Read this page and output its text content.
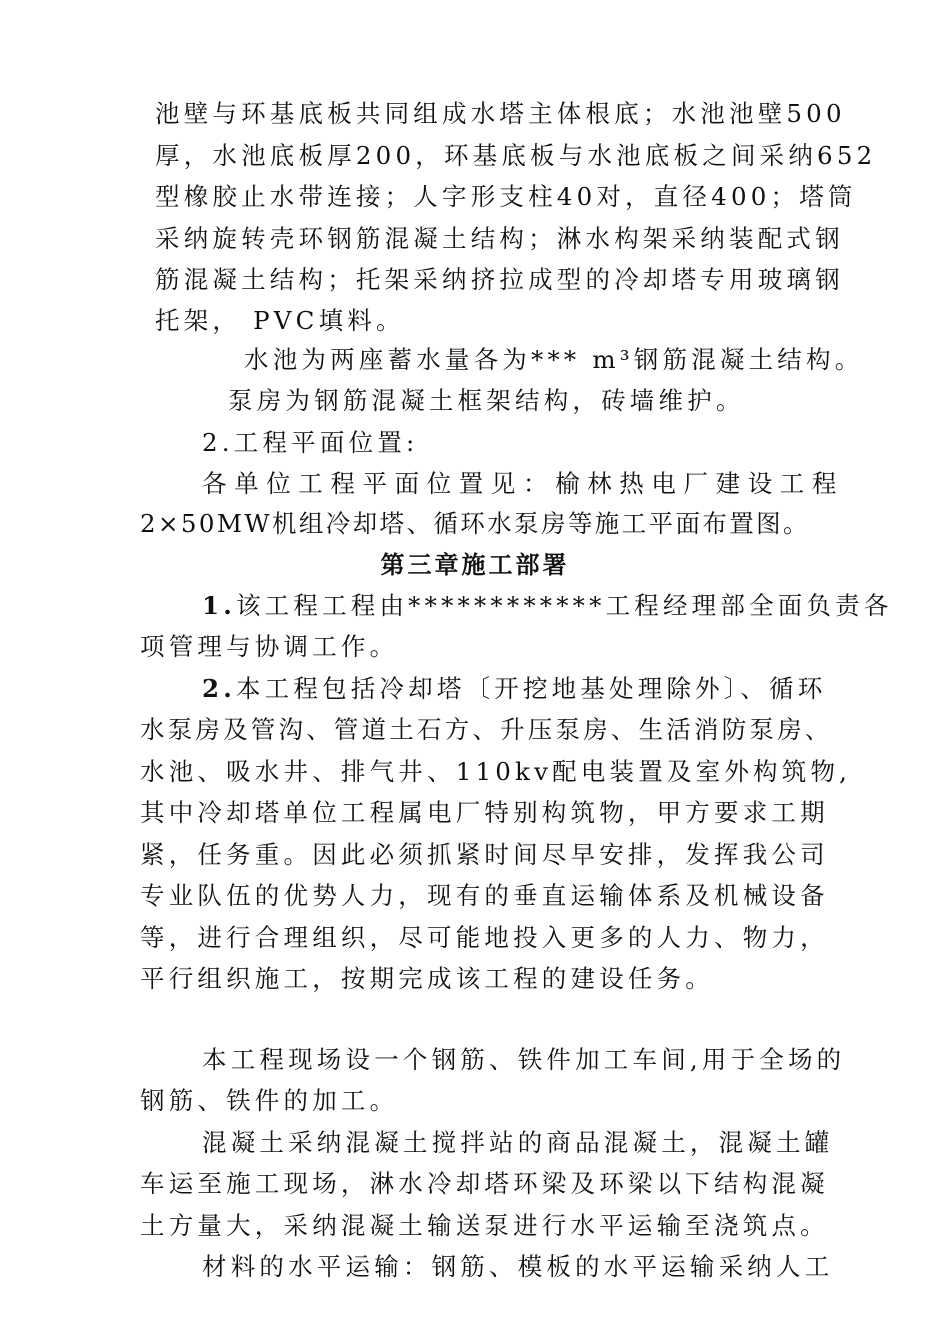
池壁与环基底板共同组成水塔主体根底；水池池壁500
厚，水池底板厚200，环基底板与水池底板之间采纳652
型橡胶止水带连接；人字形支柱40对，直径400；塔筒
采纳旋转壳环钢筋混凝土结构；淋水构架采纳装配式钢
筋混凝土结构；托架采纳挤拉成型的冷却塔专用玻璃钢
托架， PVC填料。
水池为两座蓄水量各为*** m³钢筋混凝土结构。
泵房为钢筋混凝土框架结构，砖墙维护。
2.工程平面位置:
各单位工程平面位置见：榆林热电厂建设工程
2×50MW机组冷却塔、循环水泵房等施工平面布置图。
第三章施工部署
1.该工程工程由************工程经理部全面负责各
项管理与协调工作。
2.本工程包括冷却塔〔开挖地基处理除外〕、循环
水泵房及管沟、管道土石方、升压泵房、生活消防泵房、
水池、吸水井、排气井、110kv配电装置及室外构筑物,
其中冷却塔单位工程属电厂特别构筑物，甲方要求工期
紧，任务重。因此必须抓紧时间尽早安排，发挥我公司
专业队伍的优势人力，现有的垂直运输体系及机械设备
等，进行合理组织，尽可能地投入更多的人力、物力，
平行组织施工，按期完成该工程的建设任务。
本工程现场设一个钢筋、铁件加工车间,用于全场的
钢筋、铁件的加工。
混凝土采纳混凝土搅拌站的商品混凝土，混凝土罐
车运至施工现场，淋水冷却塔环梁及环梁以下结构混凝
土方量大，采纳混凝土输送泵进行水平运输至浇筑点。
材料的水平运输：钢筋、模板的水平运输采纳人工
